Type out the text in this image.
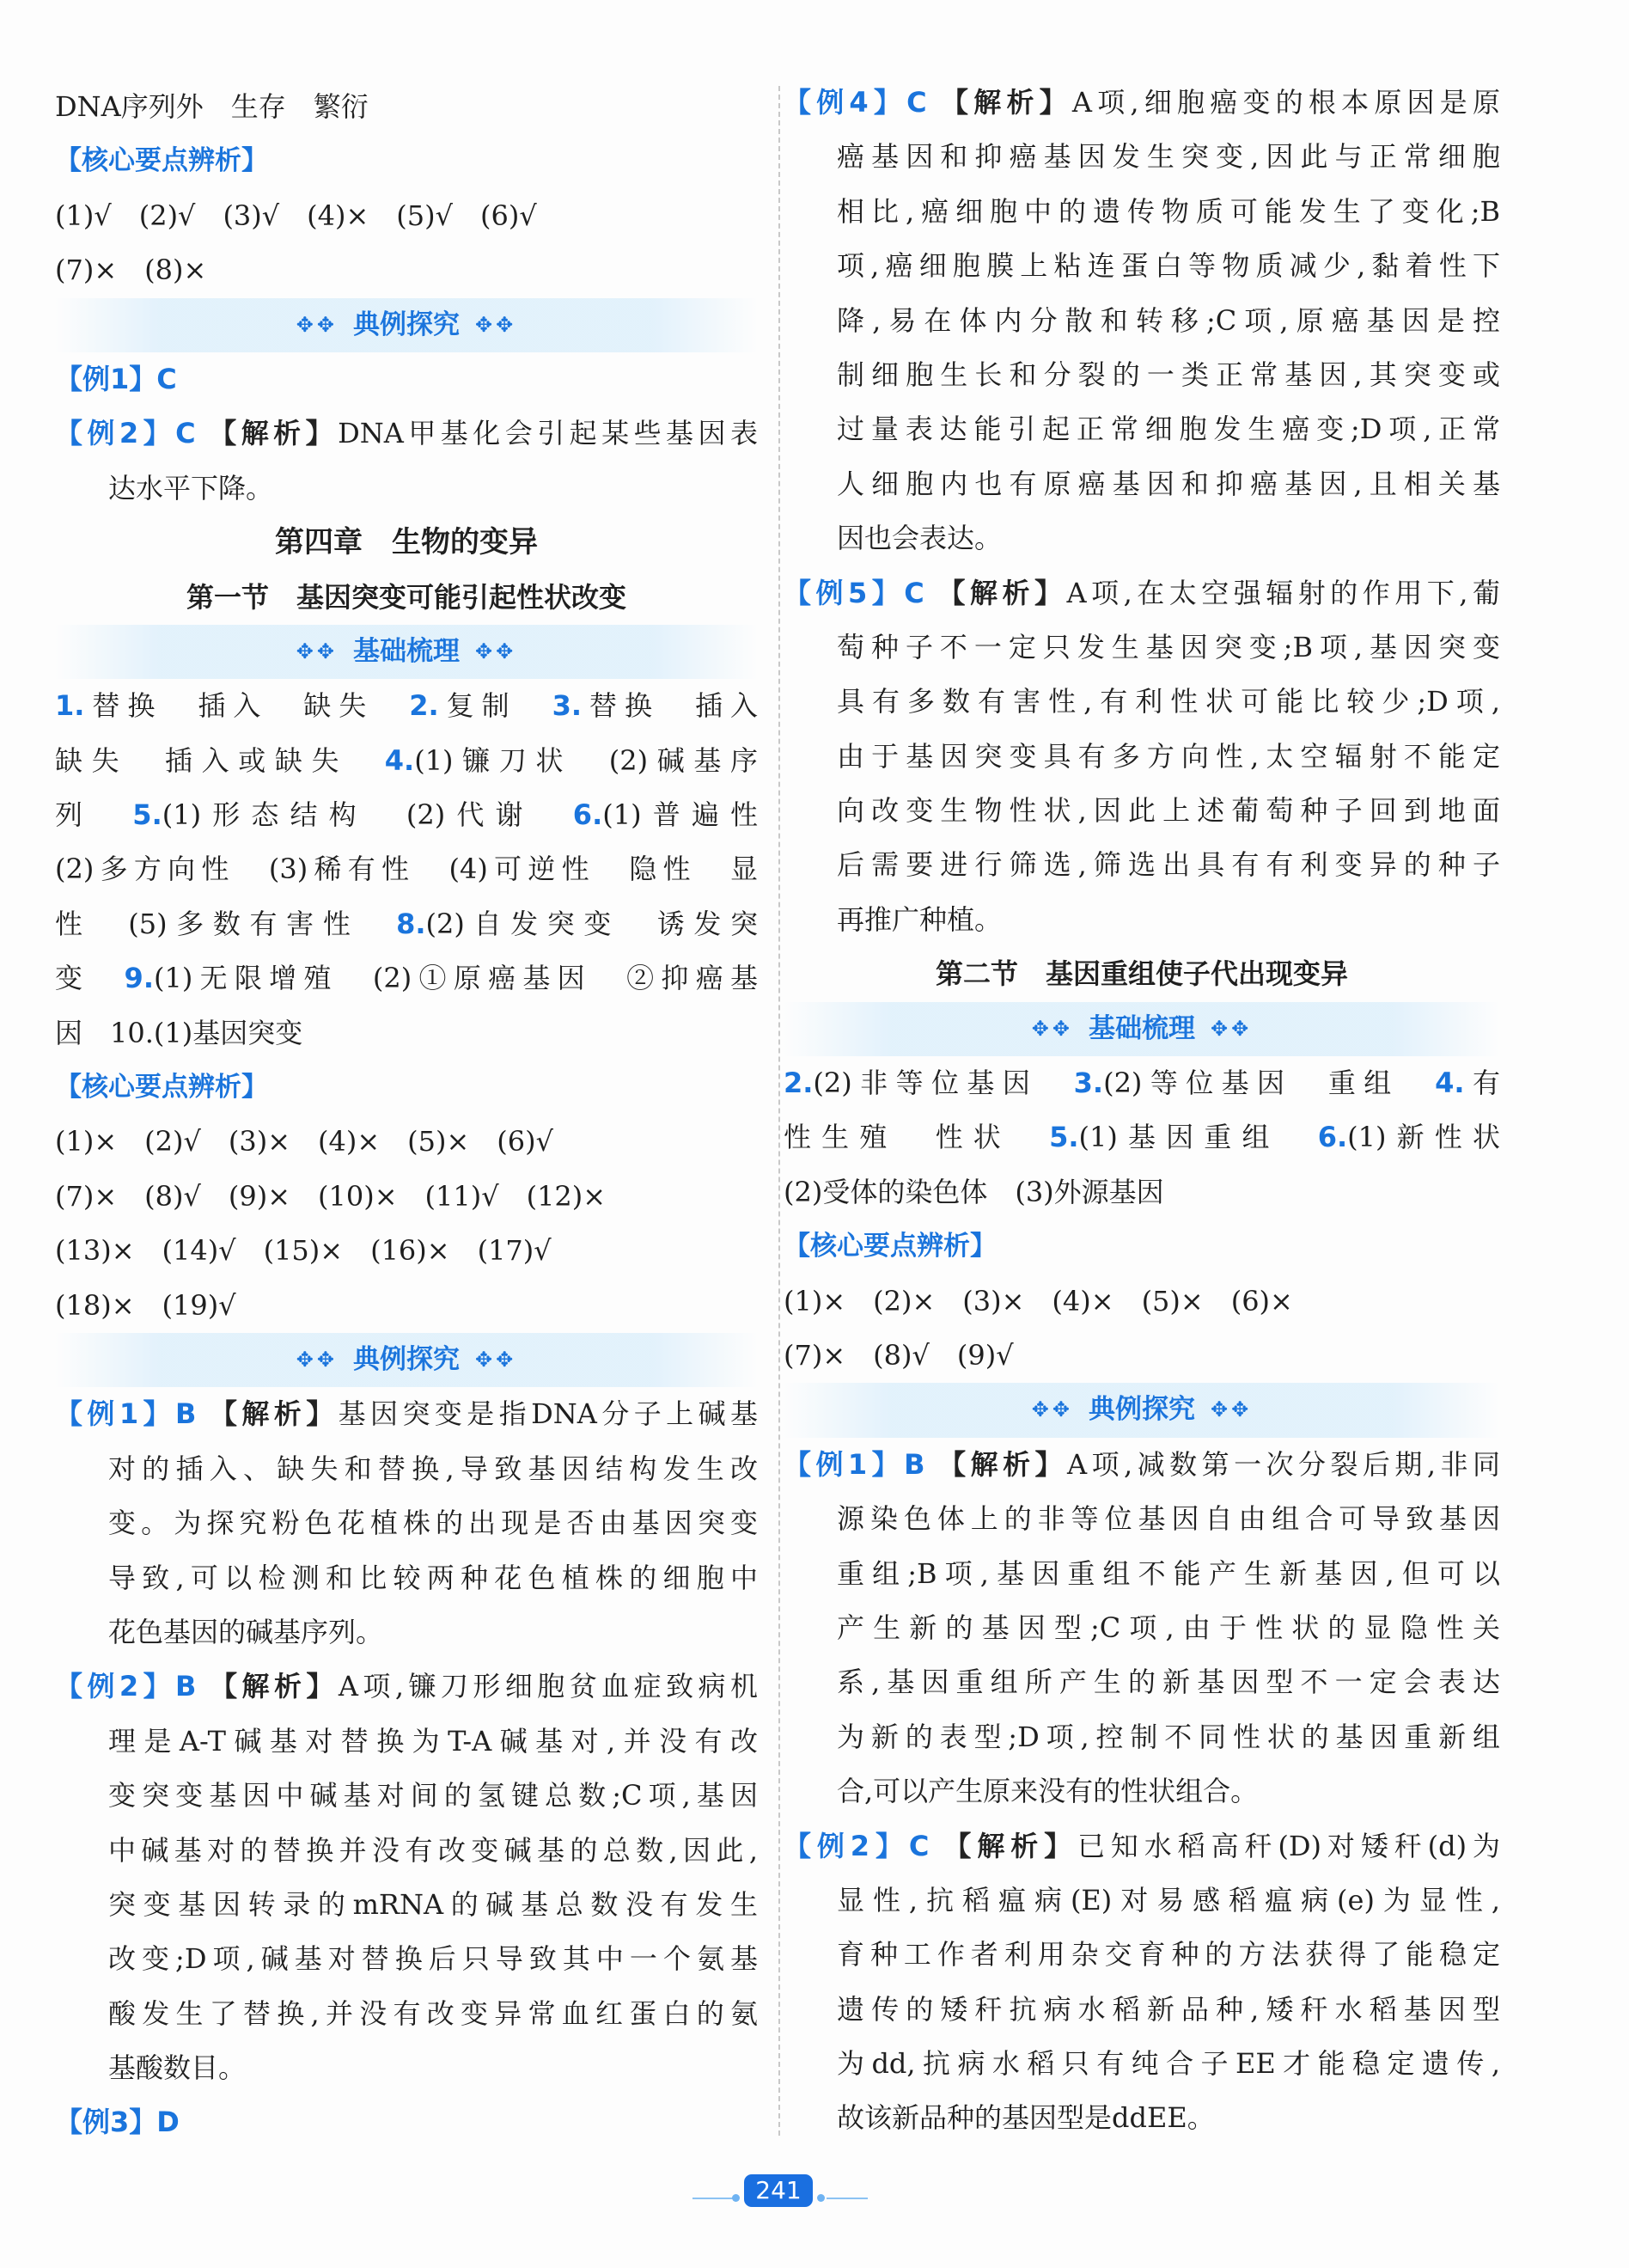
DNA序列外　生存　繁衍
【核心要点辨析】
(1)√　(2)√　(3)√　(4)×　(5)√　(6)√
(7)×　(8)×
✥✥ 典例探究 ✥✥
【例1】C
【例2】C 【解析】DNA甲基化会引起某些基因表
达水平下降。
第四章　生物的变异
第一节　基因突变可能引起性状改变
✥✥ 基础梳理 ✥✥
1.替换　插入　缺失　2.复制　3.替换　插入
缺失　插入或缺失　4.(1)镰刀状　(2)碱基序
列　5.(1)形态结构　(2)代谢　6.(1)普遍性
(2)多方向性　(3)稀有性　(4)可逆性　隐性　显
性　(5)多数有害性　8.(2)自发突变　诱发突
变　9.(1)无限增殖　(2)①原癌基因　②抑癌基
因　10.(1)基因突变
【核心要点辨析】
(1)×　(2)√　(3)×　(4)×　(5)×　(6)√
(7)×　(8)√　(9)×　(10)×　(11)√　(12)×
(13)×　(14)√　(15)×　(16)×　(17)√
(18)×　(19)√
✥✥ 典例探究 ✥✥
【例1】B 【解析】基因突变是指DNA分子上碱基
对的插入、缺失和替换,导致基因结构发生改
变。为探究粉色花植株的出现是否由基因突变
导致,可以检测和比较两种花色植株的细胞中
花色基因的碱基序列。
【例2】B 【解析】A项,镰刀形细胞贫血症致病机
理是A-T碱基对替换为T-A碱基对,并没有改
变突变基因中碱基对间的氢键总数;C项,基因
中碱基对的替换并没有改变碱基的总数,因此,
突变基因转录的mRNA的碱基总数没有发生
改变;D项,碱基对替换后只导致其中一个氨基
酸发生了替换,并没有改变异常血红蛋白的氨
基酸数目。
【例3】D
【例4】C 【解析】A项,细胞癌变的根本原因是原
癌基因和抑癌基因发生突变,因此与正常细胞
相比,癌细胞中的遗传物质可能发生了变化;B
项,癌细胞膜上粘连蛋白等物质减少,黏着性下
降,易在体内分散和转移;C项,原癌基因是控
制细胞生长和分裂的一类正常基因,其突变或
过量表达能引起正常细胞发生癌变;D项,正常
人细胞内也有原癌基因和抑癌基因,且相关基
因也会表达。
【例5】C 【解析】A项,在太空强辐射的作用下,葡
萄种子不一定只发生基因突变;B项,基因突变
具有多数有害性,有利性状可能比较少;D项,
由于基因突变具有多方向性,太空辐射不能定
向改变生物性状,因此上述葡萄种子回到地面
后需要进行筛选,筛选出具有有利变异的种子
再推广种植。
第二节　基因重组使子代出现变异
✥✥ 基础梳理 ✥✥
2.(2)非等位基因　3.(2)等位基因　重组　4.有
性生殖　性状　5.(1)基因重组　6.(1)新性状
(2)受体的染色体　(3)外源基因
【核心要点辨析】
(1)×　(2)×　(3)×　(4)×　(5)×　(6)×
(7)×　(8)√　(9)√
✥✥ 典例探究 ✥✥
【例1】B 【解析】A项,减数第一次分裂后期,非同
源染色体上的非等位基因自由组合可导致基因
重组;B项,基因重组不能产生新基因,但可以
产生新的基因型;C项,由于性状的显隐性关
系,基因重组所产生的新基因型不一定会表达
为新的表型;D项,控制不同性状的基因重新组
合,可以产生原来没有的性状组合。
【例2】C 【解析】已知水稻高秆(D)对矮秆(d)为
显性,抗稻瘟病(E)对易感稻瘟病(e)为显性,
育种工作者利用杂交育种的方法获得了能稳定
遗传的矮秆抗病水稻新品种,矮秆水稻基因型
为dd,抗病水稻只有纯合子EE才能稳定遗传,
故该新品种的基因型是ddEE。
241
